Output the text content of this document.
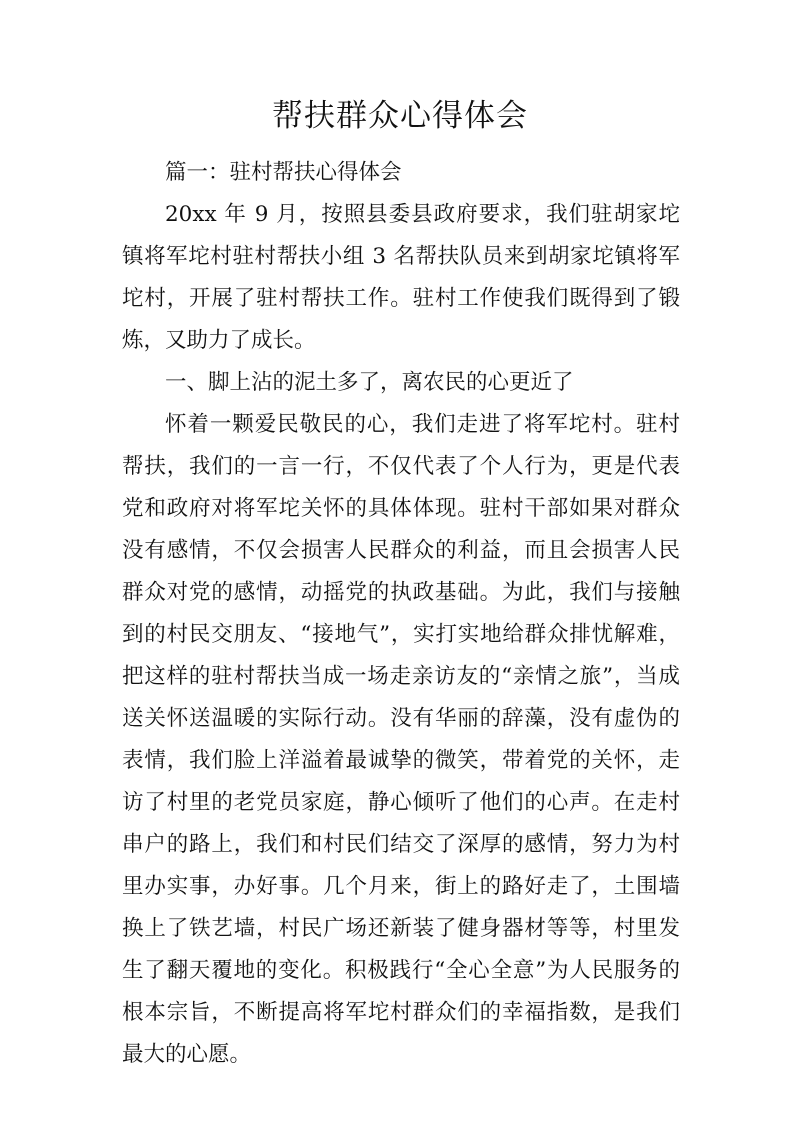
帮扶群众心得体会

篇一：驻村帮扶心得体会

20xx 年 9 月，按照县委县政府要求，我们驻胡家坨镇将军坨村驻村帮扶小组 3 名帮扶队员来到胡家坨镇将军坨村，开展了驻村帮扶工作。驻村工作使我们既得到了锻炼，又助力了成长。

一、脚上沾的泥土多了，离农民的心更近了

怀着一颗爱民敬民的心，我们走进了将军坨村。驻村帮扶，我们的一言一行，不仅代表了个人行为，更是代表党和政府对将军坨关怀的具体体现。驻村干部如果对群众没有感情，不仅会损害人民群众的利益，而且会损害人民群众对党的感情，动摇党的执政基础。为此，我们与接触到的村民交朋友、“接地气”，实打实地给群众排忧解难，把这样的驻村帮扶当成一场走亲访友的“亲情之旅”，当成送关怀送温暖的实际行动。没有华丽的辞藻，没有虚伪的表情，我们脸上洋溢着最诚挚的微笑，带着党的关怀，走访了村里的老党员家庭，静心倾听了他们的心声。在走村串户的路上，我们和村民们结交了深厚的感情，努力为村里办实事，办好事。几个月来，街上的路好走了，土围墙换上了铁艺墙，村民广场还新装了健身器材等等，村里发生了翻天覆地的变化。积极践行“全心全意”为人民服务的根本宗旨，不断提高将军坨村群众们的幸福指数，是我们最大的心愿。
